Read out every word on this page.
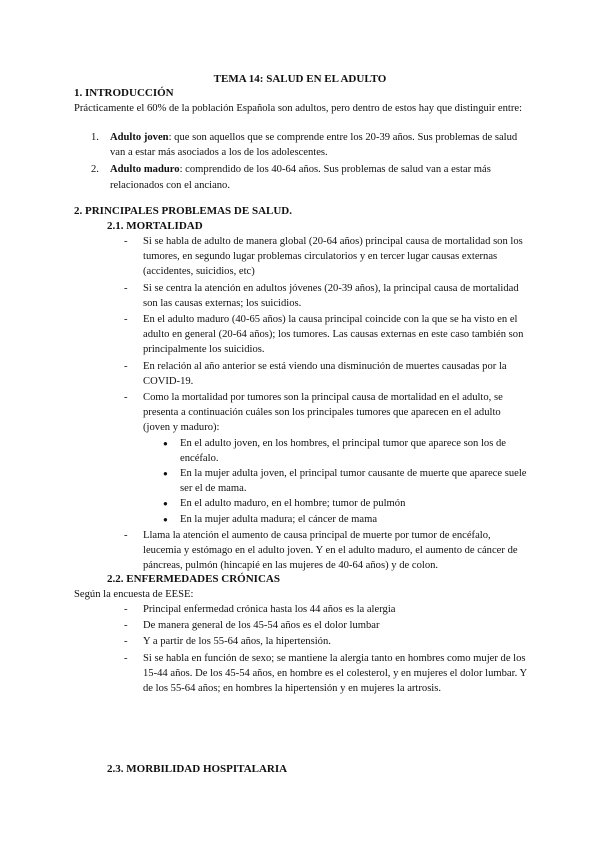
TEMA 14: SALUD EN EL ADULTO
1. INTRODUCCIÓN
Prácticamente el 60% de la población Española son adultos, pero dentro de estos hay que distinguir entre:
1. Adulto joven: que son aquellos que se comprende entre los 20-39 años. Sus problemas de salud van a estar más asociados a los de los adolescentes.
2. Adulto maduro: comprendido de los 40-64 años. Sus problemas de salud van a estar más relacionados con el anciano.
2. PRINCIPALES PROBLEMAS DE SALUD.
2.1. MORTALIDAD
- Si se habla de adulto de manera global (20-64 años) principal causa de mortalidad son los tumores, en segundo lugar problemas circulatorios y en tercer lugar causas externas (accidentes, suicidios, etc)
- Si se centra la atención en adultos jóvenes (20-39 años), la principal causa de mortalidad son las causas externas; los suicidios.
- En el adulto maduro (40-65 años) la causa principal coincide con la que se ha visto en el adulto en general (20-64 años); los tumores. Las causas externas en este caso también son principalmente los suicidios.
- En relación al año anterior se está viendo una disminución de muertes causadas por la COVID-19.
- Como la mortalidad por tumores son la principal causa de mortalidad en el adulto, se presenta a continuación cuáles son los principales tumores que aparecen en el adulto (joven y maduro):
● En el adulto joven, en los hombres, el principal tumor que aparece son los de encéfalo.
● En la mujer adulta joven, el principal tumor causante de muerte que aparece suele ser el de mama.
● En el adulto maduro, en el hombre; tumor de pulmón
● En la mujer adulta madura; el cáncer de mama
- Llama la atención el aumento de causa principal de muerte por tumor de encéfalo, leucemia y estómago en el adulto joven. Y en el adulto maduro, el aumento de cáncer de páncreas, pulmón (hincapié en las mujeres de 40-64 años) y de colon.
2.2. ENFERMEDADES CRÓNICAS
Según la encuesta de EESE:
- Principal enfermedad crónica hasta los 44 años es la alergia
- De manera general de los 45-54 años es el dolor lumbar
- Y a partir de los 55-64 años, la hipertensión.
- Si se habla en función de sexo; se mantiene la alergia tanto en hombres como mujer de los 15-44 años. De los 45-54 años, en hombre es el colesterol, y en mujeres el dolor lumbar. Y de los 55-64 años; en hombres la hipertensión y en mujeres la artrosis.
2.3. MORBILIDAD HOSPITALARIA
